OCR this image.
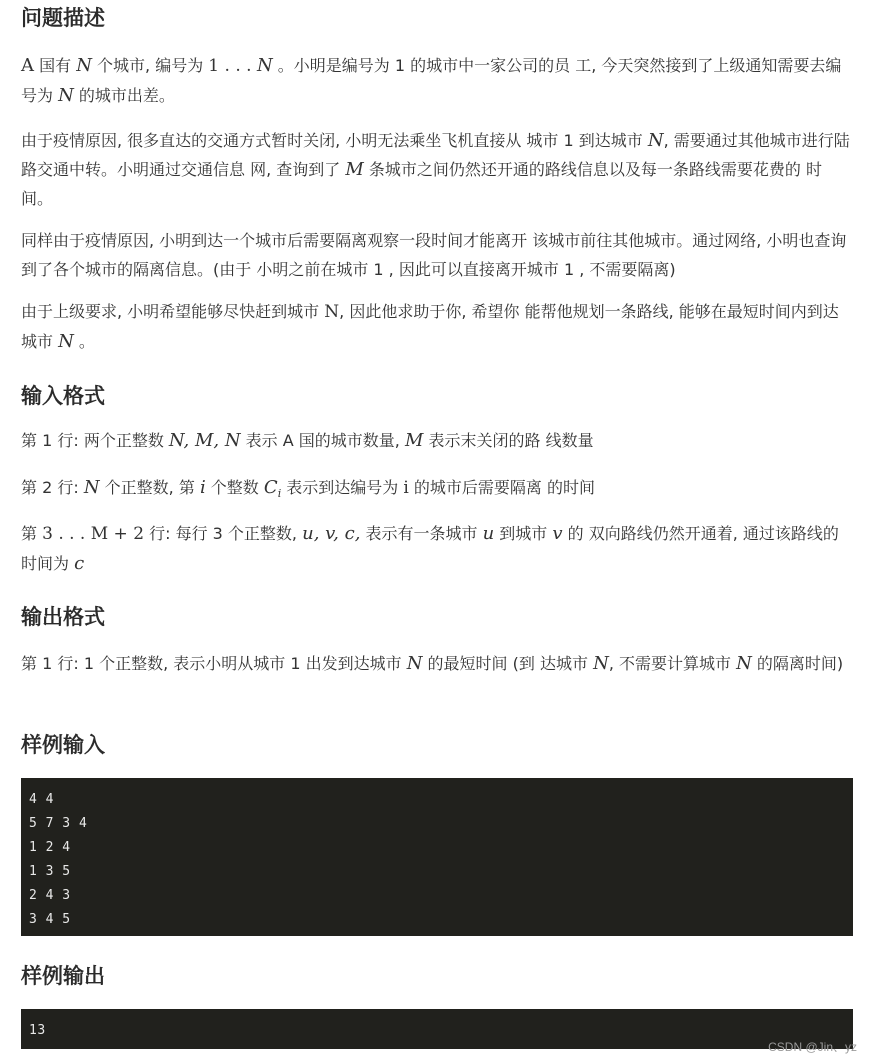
问题描述

A 国有 N 个城市, 编号为 1 . . . N 。小明是编号为 1 的城市中一家公司的员 工, 今天突然接到了上级通知需要去编号为 N 的城市出差。

由于疫情原因, 很多直达的交通方式暂时关闭, 小明无法乘坐飞机直接从 城市 1 到达城市 N, 需要通过其他城市进行陆路交通中转。小明通过交通信息 网, 查询到了 M 条城市之间仍然还开通的路线信息以及每一条路线需要花费的 时间。

同样由于疫情原因, 小明到达一个城市后需要隔离观察一段时间才能离开 该城市前往其他城市。通过网络, 小明也查询到了各个城市的隔离信息。(由于 小明之前在城市 1 , 因此可以直接离开城市 1 , 不需要隔离)

由于上级要求, 小明希望能够尽快赶到城市 N, 因此他求助于你, 希望你 能帮他规划一条路线, 能够在最短时间内到达城市 N 。

输入格式

第 1 行: 两个正整数 N, M, N 表示 A 国的城市数量, M 表示末关闭的路 线数量

第 2 行: N 个正整数, 第 i 个整数 $C_i$ 表示到达编号为 i 的城市后需要隔离 的时间

第 3 . . . M + 2 行: 每行 3 个正整数, u, v, c, 表示有一条城市 u 到城市 v 的 双向路线仍然开通着, 通过该路线的时间为 c

输出格式

第 1 行: 1 个正整数, 表示小明从城市 1 出发到达城市 N 的最短时间 (到 达城市 N, 不需要计算城市 N 的隔离时间)

样例输入
4 4
5 7 3 4
1 2 4
1 3 5
2 4 3
3 4 5
样例输出
13
CSDN @Jin、yz
